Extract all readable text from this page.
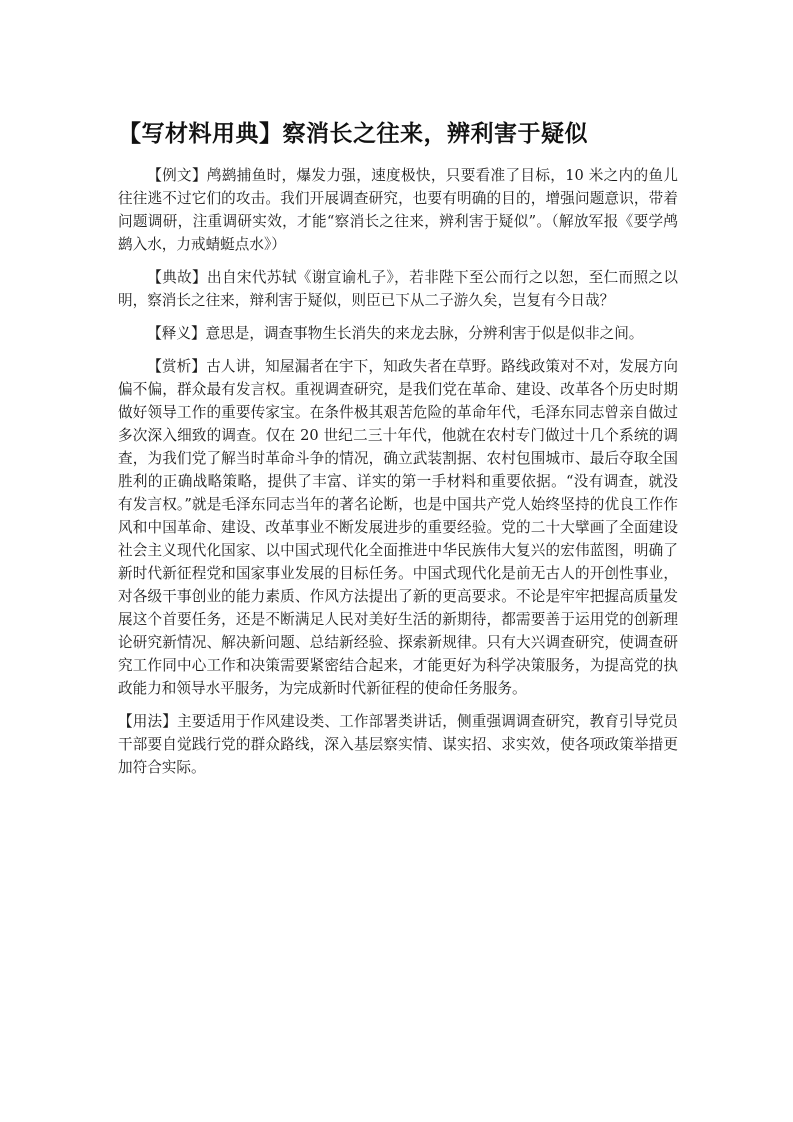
【写材料用典】察消长之往来，辨利害于疑似

【例文】鸬鹚捕鱼时，爆发力强，速度极快，只要看准了目标，10 米之内的鱼儿往往逃不过它们的攻击。我们开展调查研究，也要有明确的目的，增强问题意识，带着问题调研，注重调研实效，才能“察消长之往来，辨利害于疑似”。（解放军报《要学鸬鹚入水，力戒蜻蜓点水》）

【典故】出自宋代苏轼《谢宣谕札子》，若非陛下至公而行之以恕，至仁而照之以明，察消长之往来，辩利害于疑似，则臣已下从二子游久矣，岂复有今日哉？

【释义】意思是，调查事物生长消失的来龙去脉，分辨利害于似是似非之间。

【赏析】古人讲，知屋漏者在宇下，知政失者在草野。路线政策对不对，发展方向偏不偏，群众最有发言权。重视调查研究，是我们党在革命、建设、改革各个历史时期做好领导工作的重要传家宝。在条件极其艰苦危险的革命年代，毛泽东同志曾亲自做过多次深入细致的调查。仅在 20 世纪二三十年代，他就在农村专门做过十几个系统的调查，为我们党了解当时革命斗争的情况，确立武装割据、农村包围城市、最后夺取全国胜利的正确战略策略，提供了丰富、详实的第一手材料和重要依据。“没有调查，就没有发言权。”就是毛泽东同志当年的著名论断，也是中国共产党人始终坚持的优良工作作风和中国革命、建设、改革事业不断发展进步的重要经验。党的二十大擘画了全面建设社会主义现代化国家、以中国式现代化全面推进中华民族伟大复兴的宏伟蓝图，明确了新时代新征程党和国家事业发展的目标任务。中国式现代化是前无古人的开创性事业，对各级干事创业的能力素质、作风方法提出了新的更高要求。不论是牢牢把握高质量发展这个首要任务，还是不断满足人民对美好生活的新期待，都需要善于运用党的创新理论研究新情况、解决新问题、总结新经验、探索新规律。只有大兴调查研究，使调查研究工作同中心工作和决策需要紧密结合起来，才能更好为科学决策服务，为提高党的执政能力和领导水平服务，为完成新时代新征程的使命任务服务。

【用法】主要适用于作风建设类、工作部署类讲话，侧重强调调查研究，教育引导党员干部要自觉践行党的群众路线，深入基层察实情、谋实招、求实效，使各项政策举措更加符合实际。
